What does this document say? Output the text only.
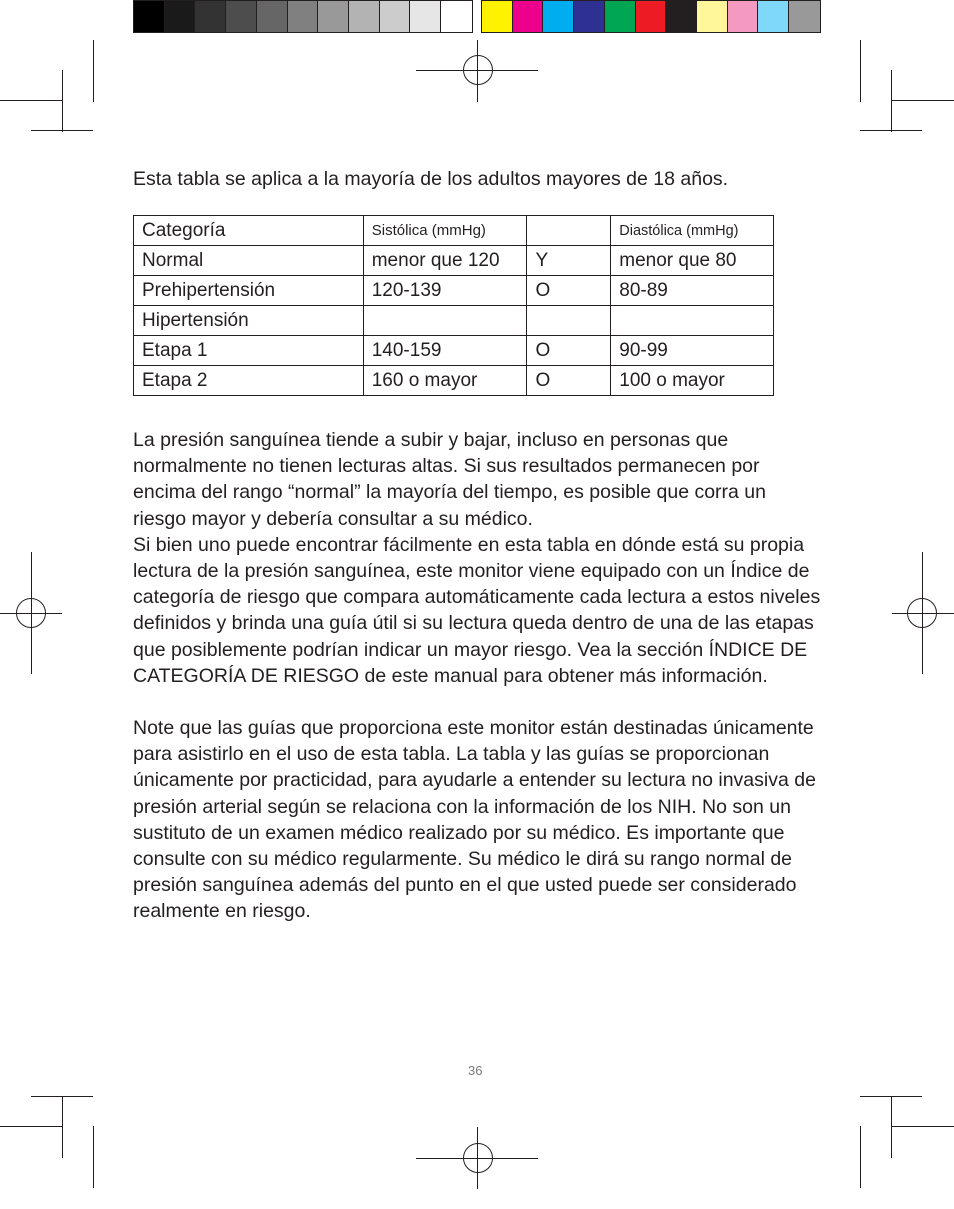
Esta tabla se aplica a la mayoría de los adultos mayores de 18 años.

Categoría	Sistólica (mmHg)		Diastólica (mmHg)
Normal	menor que 120	Y	menor que 80
Prehipertensión	120-139	O	80-89
Hipertensión			
Etapa 1	140-159	O	90-99
Etapa 2	160 o mayor	O	100 o mayor

La presión sanguínea tiende a subir y bajar, incluso en personas que normalmente no tienen lecturas altas. Si sus resultados permanecen por encima del rango “normal” la mayoría del tiempo, es posible que corra un riesgo mayor y debería consultar a su médico.

Si bien uno puede encontrar fácilmente en esta tabla en dónde está su propia lectura de la presión sanguínea, este monitor viene equipado con un Índice de categoría de riesgo que compara automáticamente cada lectura a estos niveles definidos y brinda una guía útil si su lectura queda dentro de una de las etapas que posiblemente podrían indicar un mayor riesgo. Vea la sección ÍNDICE DE CATEGORÍA DE RIESGO de este manual para obtener más información.

Note que las guías que proporciona este monitor están destinadas únicamente para asistirlo en el uso de esta tabla. La tabla y las guías se proporcionan únicamente por practicidad, para ayudarle a entender su lectura no invasiva de presión arterial según se relaciona con la información de los NIH. No son un sustituto de un examen médico realizado por su médico. Es importante que consulte con su médico regularmente. Su médico le dirá su rango normal de presión sanguínea además del punto en el que usted puede ser considerado realmente en riesgo.

36
